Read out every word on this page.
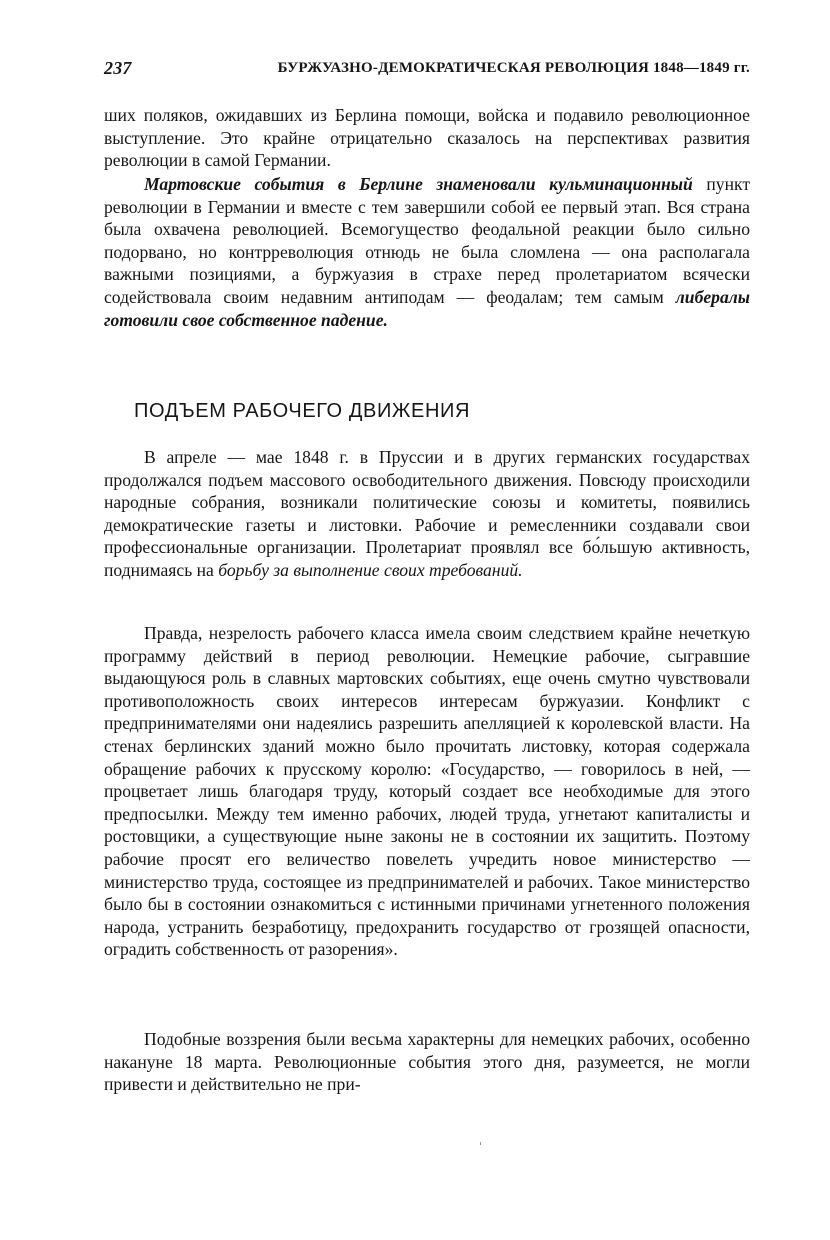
237	БУРЖУАЗНО-ДЕМОКРАТИЧЕСКАЯ РЕВОЛЮЦИЯ 1848—1849 гг.

ших поляков, ожидавших из Берлина помощи, войска и подавило революционное выступление. Это крайне отрицательно сказалось на перспективах развития революции в самой Германии.

Мартовские события в Берлине знаменовали кульминационный пункт революции в Германии и вместе с тем завершили собой ее первый этап. Вся страна была охвачена революцией. Всемогущество феодальной реакции было сильно подорвано, но контрреволюция отнюдь не была сломлена — она располагала важными позициями, а буржуазия в страхе перед пролетариатом всячески содействовала своим недавним антиподам — феодалам; тем самым либералы готовили свое собственное падение.

ПОДЪЕМ РАБОЧЕГО ДВИЖЕНИЯ

В апреле — мае 1848 г. в Пруссии и в других германских государствах продолжался подъем массового освободительного движения. Повсюду происходили народные собрания, возникали политические союзы и комитеты, появились демократические газеты и листовки. Рабочие и ремесленники создавали свои профессиональные организации. Пролетариат проявлял все бо́льшую активность, поднимаясь на борьбу за выполнение своих требований.

Правда, незрелость рабочего класса имела своим следствием крайне нечеткую программу действий в период революции. Немецкие рабочие, сыгравшие выдающуюся роль в славных мартовских событиях, еще очень смутно чувствовали противоположность своих интересов интересам буржуазии. Конфликт с предпринимателями они надеялись разрешить апелляцией к королевской власти. На стенах берлинских зданий можно было прочитать листовку, которая содержала обращение рабочих к прусскому королю: «Государство, — говорилось в ней, — процветает лишь благодаря труду, который создает все необходимые для этого предпосылки. Между тем именно рабочих, людей труда, угнетают капиталисты и ростовщики, а существующие ныне законы не в состоянии их защитить. Поэтому рабочие просят его величество повелеть учредить новое министерство — министерство труда, состоящее из предпринимателей и рабочих. Такое министерство было бы в состоянии ознакомиться с истинными причинами угнетенного положения народа, устранить безработицу, предохранить государство от грозящей опасности, оградить собственность от разорения».

Подобные воззрения были весьма характерны для немецких рабочих, особенно накануне 18 марта. Революционные события этого дня, разумеется, не могли привести и действительно не при-
